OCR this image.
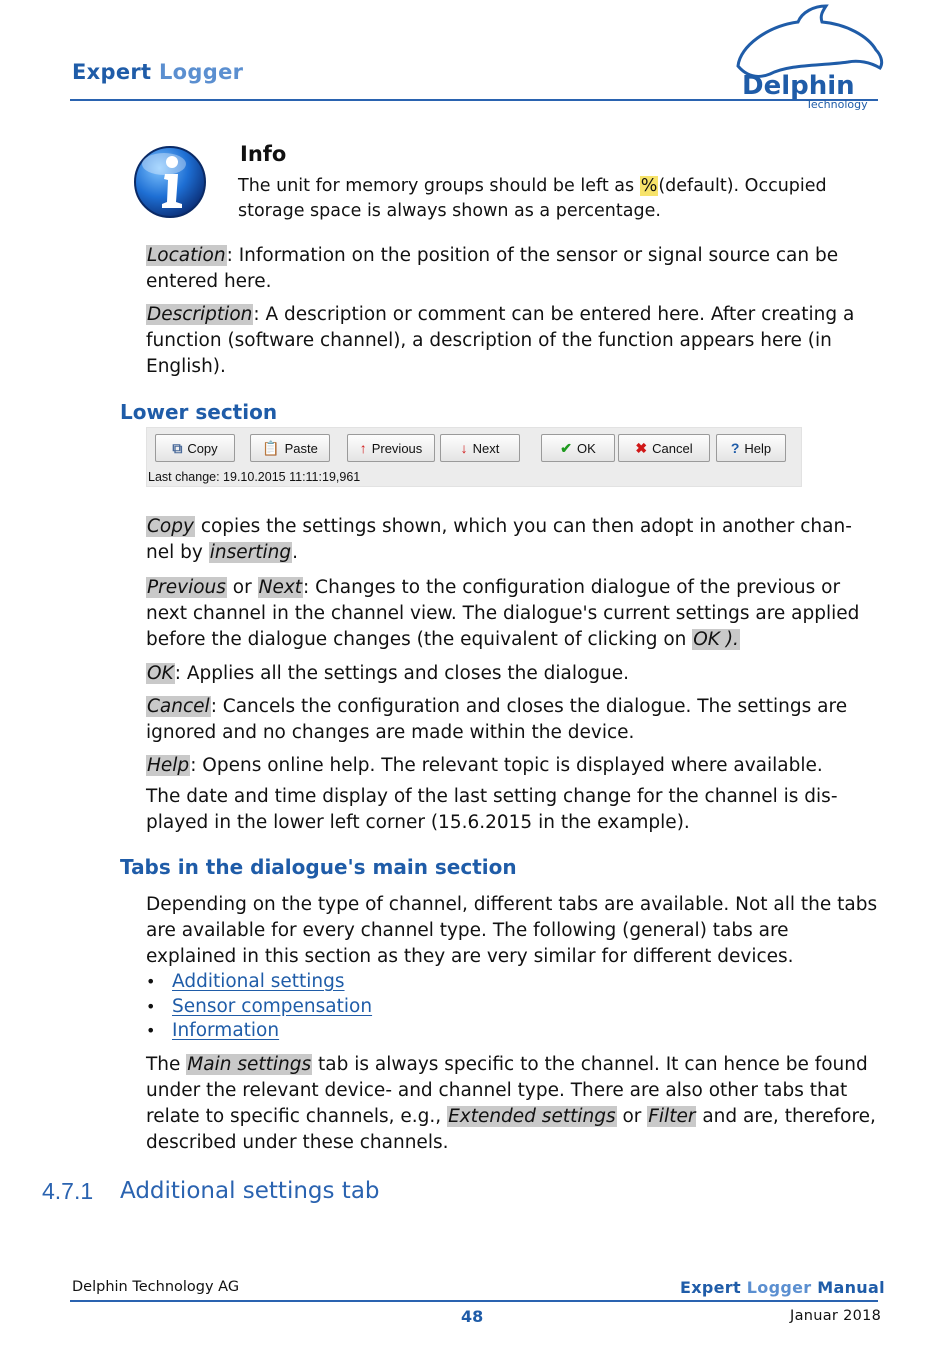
Expert Logger	Delphin
Technology
Info
The unit for memory groups should be left as %(default). Occupied storage space is always shown as a percentage.
Location: Information on the position of the sensor or signal source can be entered here.
Description: A description or comment can be entered here. After creating a function (software channel), a description of the function appears here (in English).
Lower section
⧉ Copy	📋 Paste	↑ Previous	↓ Next	✔ OK	✖ Cancel	? Help
Last change: 19.10.2015 11:11:19,961
Copy copies the settings shown, which you can then adopt in another chan-nel by inserting.
Previous or Next: Changes to the configuration dialogue of the previous or next channel in the channel view. The dialogue's current settings are applied before the dialogue changes (the equivalent of clicking on OK ).
OK: Applies all the settings and closes the dialogue.
Cancel: Cancels the configuration and closes the dialogue. The settings are ignored and no changes are made within the device.
Help: Opens online help. The relevant topic is displayed where available.
The date and time display of the last setting change for the channel is dis-played in the lower left corner (15.6.2015 in the example).
Tabs in the dialogue's main section
Depending on the type of channel, different tabs are available. Not all the tabs are available for every channel type. The following (general) tabs are explained in this section as they are very similar for different devices.
• Additional settings
• Sensor compensation
• Information
The Main settings tab is always specific to the channel. It can hence be found under the relevant device- and channel type. There are also other tabs that relate to specific channels, e.g., Extended settings or Filter and are, therefore, described under these channels.
4.7.1 Additional settings tab
Delphin Technology AG	Expert Logger Manual
48	Januar 2018
